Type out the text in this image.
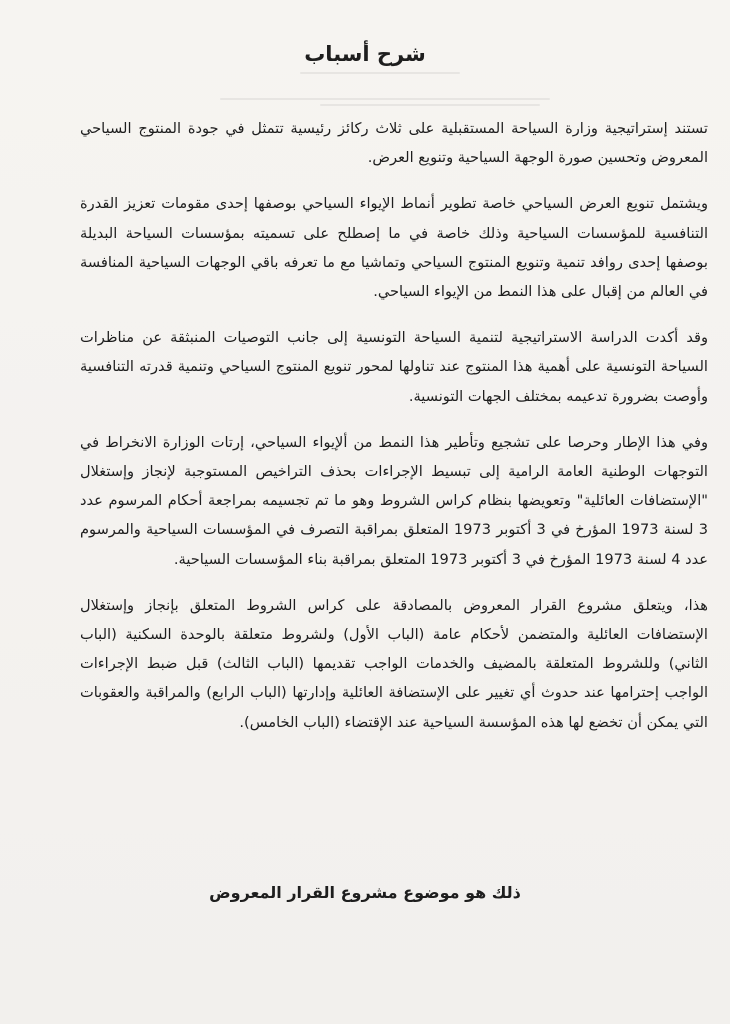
شرح أسباب

تستند إستراتيجية وزارة السياحة المستقبلية على ثلاث ركائز رئيسية تتمثل في جودة المنتوج السياحي المعروض وتحسين صورة الوجهة السياحية وتنويع العرض.

ويشتمل تنويع العرض السياحي خاصة تطوير أنماط الإيواء السياحي بوصفها إحدى مقومات تعزيز القدرة التنافسية للمؤسسات السياحية وذلك خاصة في ما إصطلح على تسميته بمؤسسات السياحة البديلة بوصفها إحدى روافد تنمية وتنويع المنتوج السياحي وتماشيا مع ما تعرفه باقي الوجهات السياحية المنافسة في العالم من إقبال على هذا النمط من الإيواء السياحي.

وقد أكدت الدراسة الاستراتيجية لتنمية السياحة التونسية إلى جانب التوصيات المنبثقة عن مناظرات السياحة التونسية على أهمية هذا المنتوج عند تناولها لمحور تنويع المنتوج السياحي وتنمية قدرته التنافسية وأوصت بضرورة تدعيمه بمختلف الجهات التونسية.

وفي هذا الإطار وحرصا على تشجيع وتأطير هذا النمط من ألإيواء السياحي، إرتات الوزارة الانخراط في التوجهات الوطنية العامة الرامية إلى تبسيط الإجراءات بحذف التراخيص المستوجبة لإنجاز وإستغلال "الإستضافات العائلية" وتعويضها بنظام كراس الشروط وهو ما تم تجسيمه بمراجعة أحكام المرسوم عدد 3 لسنة 1973 المؤرخ في 3 أكتوبر 1973 المتعلق بمراقبة التصرف في المؤسسات السياحية والمرسوم عدد 4 لسنة 1973 المؤرخ في 3 أكتوبر 1973 المتعلق بمراقبة بناء المؤسسات السياحية.

هذا، ويتعلق مشروع القرار المعروض بالمصادقة على كراس الشروط المتعلق بإنجاز وإستغلال الإستضافات العائلية والمتضمن لأحكام عامة (الباب الأول) ولشروط متعلقة بالوحدة السكنية (الباب الثاني) وللشروط المتعلقة بالمضيف والخدمات الواجب تقديمها (الباب الثالث) قبل ضبط الإجراءات الواجب إحترامها عند حدوث أي تغيير على الإستضافة العائلية وإدارتها (الباب الرابع) والمراقبة والعقوبات التي يمكن أن تخضع لها هذه المؤسسة السياحية عند الإقتضاء (الباب الخامس).

ذلك هو موضوع مشروع القرار المعروض
